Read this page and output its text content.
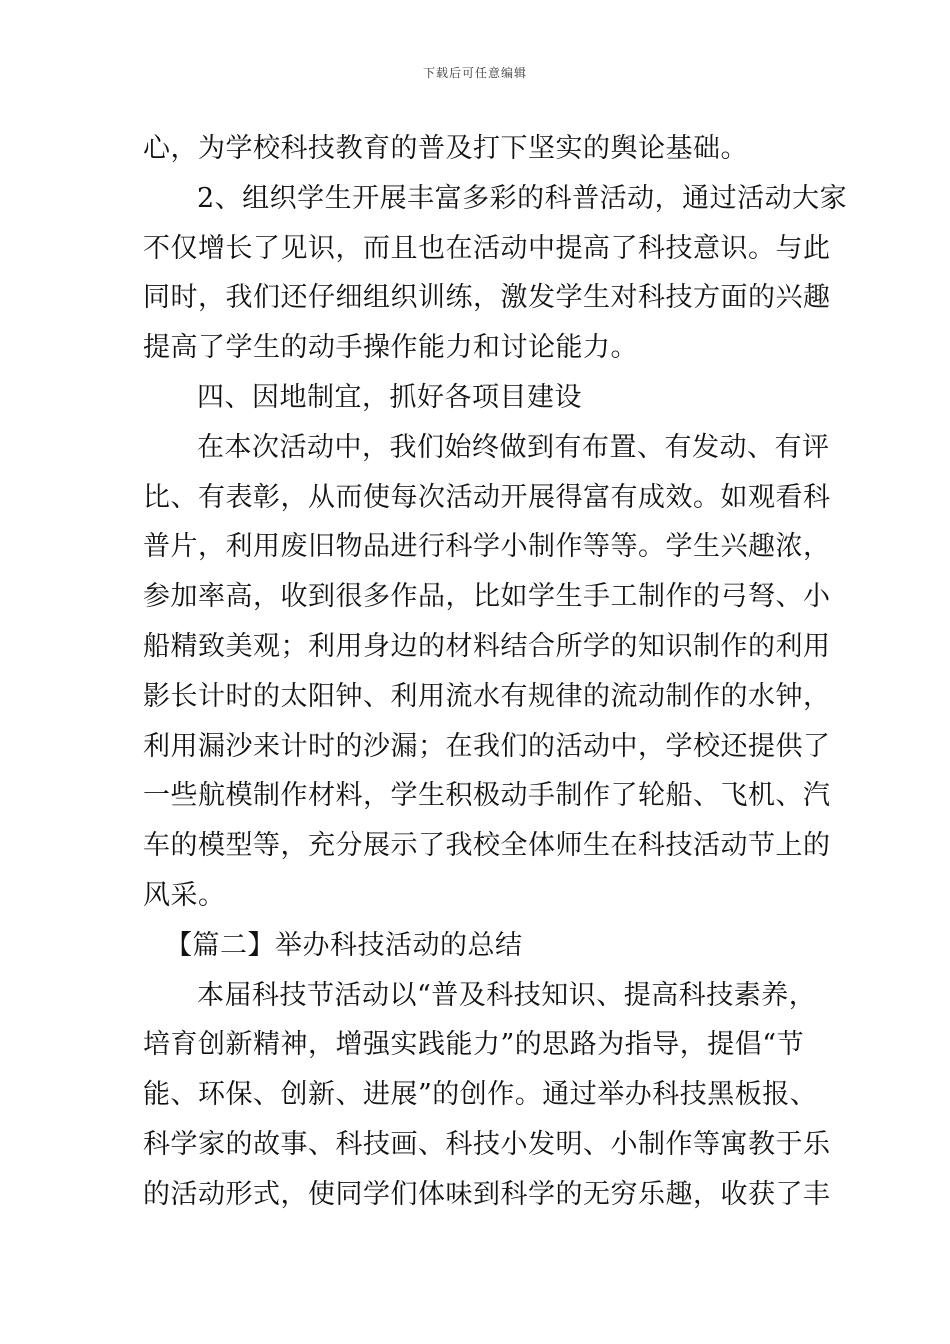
下载后可任意编辑
心，为学校科技教育的普及打下坚实的舆论基础。
2、组织学生开展丰富多彩的科普活动，通过活动大家
不仅增长了见识，而且也在活动中提高了科技意识。与此
同时，我们还仔细组织训练，激发学生对科技方面的兴趣
提高了学生的动手操作能力和讨论能力。
四、因地制宜，抓好各项目建设
在本次活动中，我们始终做到有布置、有发动、有评
比、有表彰，从而使每次活动开展得富有成效。如观看科
普片，利用废旧物品进行科学小制作等等。学生兴趣浓，
参加率高，收到很多作品，比如学生手工制作的弓弩、小
船精致美观；利用身边的材料结合所学的知识制作的利用
影长计时的太阳钟、利用流水有规律的流动制作的水钟，
利用漏沙来计时的沙漏；在我们的活动中，学校还提供了
一些航模制作材料，学生积极动手制作了轮船、飞机、汽
车的模型等，充分展示了我校全体师生在科技活动节上的
风采。
【篇二】举办科技活动的总结
本届科技节活动以“普及科技知识、提高科技素养，
培育创新精神，增强实践能力”的思路为指导，提倡“节
能、环保、创新、进展”的创作。通过举办科技黑板报、
科学家的故事、科技画、科技小发明、小制作等寓教于乐
的活动形式，使同学们体味到科学的无穷乐趣，收获了丰
